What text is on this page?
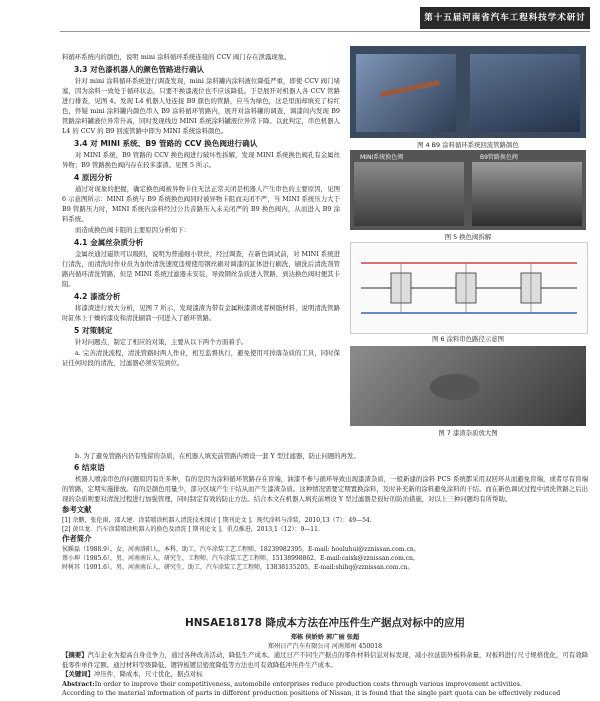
第十五届河南省汽车工程科技学术研讨会

料循环系统内的颜色，说明 mini 涂料循环系统连接的 CCV 阀门存在泄露现象。

3.3 对色漆机器人的颜色管路进行确认

针对 mini 涂料循环系统进行调查发现，mini 涂料罐内涂料液位降低严重，即使 CCV 阀门堵塞，因为涂料一致处于循环状态，只要不换漆液位也不应该降低。于是展开对机器人各 CCV 管路进行排查，见图 4。发现 L4 机器人处连接 B9 颜色的管路，应当为绿色，这是里面却填充了棕红色，怀疑 mini 涂料罐内颜色串入 B9 涂料循环管路内，展开对涂料罐的调查，调漆间内发现 B9 管路涂料罐液位异常升高，同时发现线边 MINI 系统涂料罐液位异常下降。以此判定，串色机器人 L4 的 CCV 的 B9 回流管路中即为 MINI 系统涂料颜色。

3.4 对 MINI 系统、B9 管路的 CCV 换色阀进行确认

对 MINI 系统、B9 管路的 CCV 换色阀进行破坏性拆解，发现 MINI 系统换色阀孔有金属丝异物；B9 管路换色阀内存在较多漆渣。见图 5 所示。

4 原因分析

通过对现象的把握，确定换色阀被异物卡住无法正常关闭是机器人产生串色的主要原因，见图 6 示意图所示：MINI 系统与 B9 系统换色阀同时被异物卡阻而关闭不严，当 MINI 系统压力大于 B9 管路压力时，MINI 系统内涂料经过公共音路压入未关闭严的 B9 换色阀内，从而进入 B9 涂料系统。

而造成换色阀卡阻的主要原因分析如下：

4.1 金属丝杂质分析

金属丝通过磁铁可以吸附，说明为普通细小铁丝，经过调查，在新色调试前，对 MINI 系统进行清洗，而清洗时作业员为加快清洗速度违规使用钢丝刷对调漆的缸体进行刷洗，刷洗后清洗剂管路内循环清洗管路，但是 MINI 系统过滤器未安装，导致钢丝杂质进入管路，到达换色阀时便其卡阻。

4.2 漆渣分析

将漆渣进行放大分析，见图 7 所示，发现漆渣为带有金属粉漆渣或者树脂材料，说明清洗管路时缸体上干燥的漆皮和清洗刷箭一同进入了循环管路。

5 对策制定

针对问题点，制定了相应的对策，主要从以下两个方面着手。

a. 完善清洗流程，清洗管路时两人作业，相互监督执行，避免使用可掉落杂质的工具，同时保证任何时段的清洗，过滤器必须安装到位。

图 4 B9 涂料循环系统回流管路颜色
MINI系统换色阀	B9管路换色阀
图 5 换色阀拆解
图 6 涂料串色路径示意图
图 7 漆渣杂质放大图

b. 为了避免管路内仍有残留的杂质，在机器人填充前管路内增设一套 Y 型过滤器，防止问题的再发。

6 结束语

机器人喷涂串色的问题原因有许多种，有的是因为涂料循环管路存在盲端，油漆不参与循环导致出现漆渣杂质，一般新建的涂料 PCS 系统都采用双回环从而避免盲端，或者尽有盲端的管路，定期实施排放。有的是颜色用量少，部分区域产生干结从而产生漆渣杂质。这种情况需要定期置换涂料，及时补充新的涂料避免涂料的干结。而在新色调试过程中清洗管路之后出现的杂质则要对清洗过程进行加强管理，同时制定有效的防止方法。结合本文在机器人填充前增设 Y 型过滤器是很好的防治措施，对以上三种问题均有所帮助。

参考文献

[1] 余鹏，张伦雨，邵大建．涂装喷涂机器人清洗技术探讨 [ 期刊论文 ]．现代涂料与涂装，2010,13（7）：49—54.

[2] 黄旦龙．汽车涂装喷涂机器人的换色及清洗 [ 期刊论文 ]．重点推进，2013,1（12）：9—11.

作者简介

侯蹊磊（1988.9），女，河南洛阳人，本科，助工，汽车涂装工艺工程师，18239982395，E-mail: houluhui@zznissan.com.cn。

蔡小坤（1985.6），男，河南南丘人，研究生，工程师，汽车涂装工艺工程师，15138998862，E-mail:caixk@zznissan.com.cn。

时树其（1991.6），男，河南南丘人，研究生，助工，汽车涂装工艺工程师，13838135205，E-mail:shihq@zznissan.com.cn。

HNSAE18178 降成本方法在冲压件生产据点对标中的应用
郑栋 侯娇娇 郭广丽 张超
郑州日产汽车有限公司 河南郑州 450018

【摘要】汽车企业为提高自身竞争力，通过各种改善活动，降低生产成本。通过日产不同生产据点的零件材料信息对标发现，减小拉延筋外板料余量，对板料进行尺寸规格优化，可有效降低零件单件定额。通过材料等级降低、镀锌板镀层密度降低等方法也可有效降低冲压件生产成本。

【关键词】冲压件，降成本，尺寸优化，据点对标

Abstract:In order to improve their competitiveness, automobile enterprises reduce production costs through various improvement activities.

According to the material information of parts in different production positions of Nissan, it is found that the single part quota can be effectively reduced
